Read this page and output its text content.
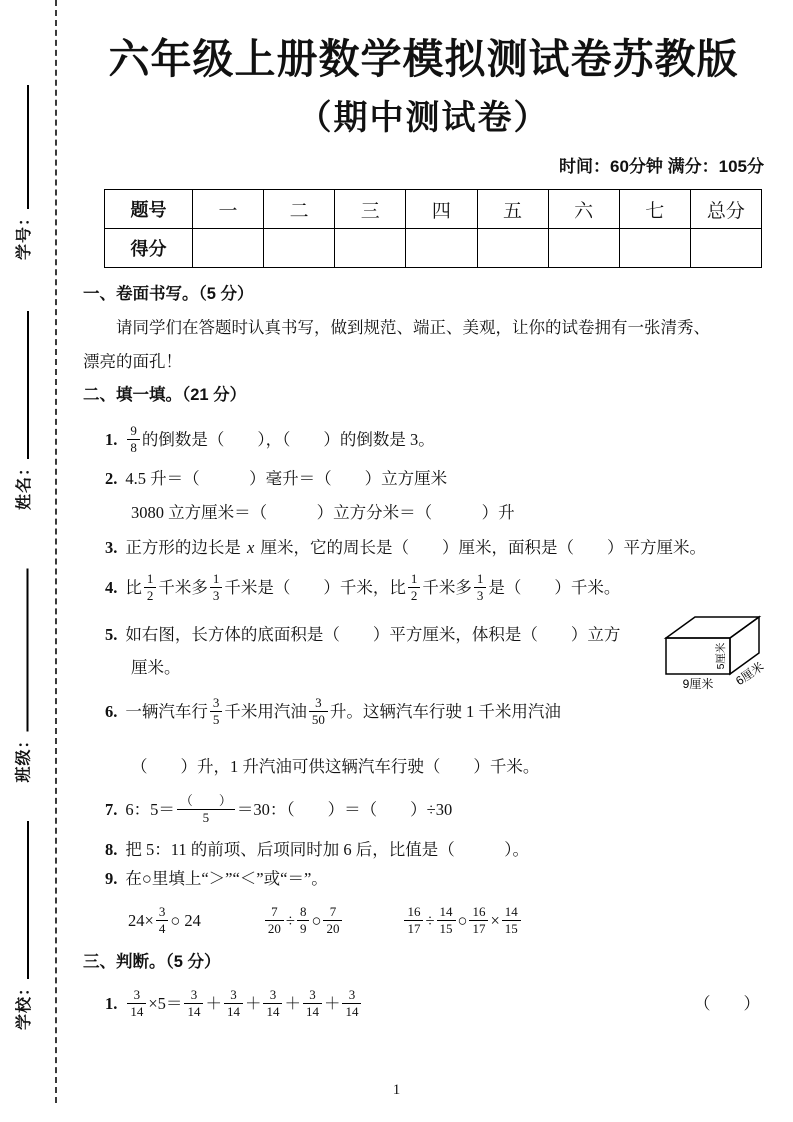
学号：
姓名：
班级：
学校：
六年级上册数学模拟测试卷苏教版
（期中测试卷）
时间：60分钟 满分：105分
题号	一	二	三	四	五	六	七	总分
得分								
一、卷面书写。（5 分）
请同学们在答题时认真书写，做到规范、端正、美观，让你的试卷拥有一张清秀、
漂亮的面孔！
二、填一填。（21 分）
1. $\frac{9}{8}$ 的倒数是（　　），（　　）的倒数是 3。
2. 4.5 升＝（　　　）毫升＝（　　）立方厘米
3080 立方厘米＝（　　　）立方分米＝（　　　）升
3. 正方形的边长是 x 厘米，它的周长是（　　）厘米，面积是（　　）平方厘米。
4. 比 $\frac{1}{2}$ 千米多 $\frac{1}{3}$ 千米是（　　）千米，比 $\frac{1}{2}$ 千米多 $\frac{1}{3}$ 是（　　）千米。
5. 如右图，长方体的底面积是（　　）平方厘米，体积是（　　）立方
厘米。
6. 一辆汽车行 $\frac{3}{5}$ 千米用汽油 $\frac{3}{50}$ 升。这辆汽车行驶 1 千米用汽油
（　　）升，1 升汽油可供这辆汽车行驶（　　）千米。
7. 6：$5= \frac{( )}{5} =30$：（　　）＝（　　）÷30
8. 把 5：11 的前项、后项同时加 6 后，比值是（　　　）。
9. 在○里填上“＞”“＜”或“＝”。
$24\times \frac{3}{4}$ ○ 24	$\frac{7}{20} \div \frac{8}{9}$ ○ $\frac{7}{20}$	$\frac{16}{17} \div \frac{14}{15}$ ○ $\frac{16}{17} \times \frac{14}{15}$
三、判断。（5 分）
1. $\frac{3}{14} \times 5= \frac{3}{14} + \frac{3}{14} + \frac{3}{14} + \frac{3}{14} + \frac{3}{14}$	（　　）
9厘米 6厘米
5厘米
1
